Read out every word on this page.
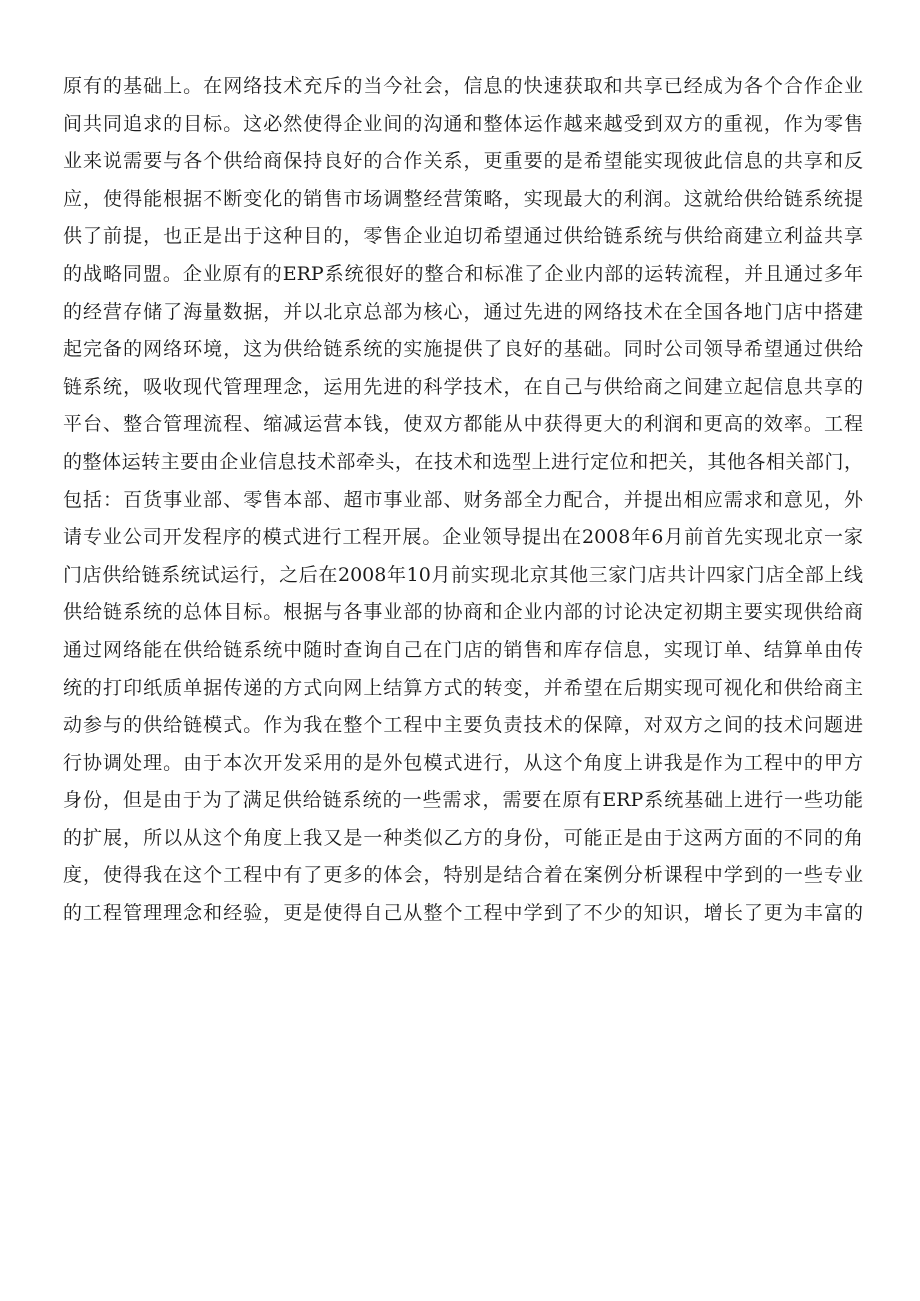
原有的基础上。在网络技术充斥的当今社会，信息的快速获取和共享已经成为各个合作企业
间共同追求的目标。这必然使得企业间的沟通和整体运作越来越受到双方的重视，作为零售
业来说需要与各个供给商保持良好的合作关系，更重要的是希望能实现彼此信息的共享和反
应，使得能根据不断变化的销售市场调整经营策略，实现最大的利润。这就给供给链系统提
供了前提，也正是出于这种目的，零售企业迫切希望通过供给链系统与供给商建立利益共享
的战略同盟。企业原有的ERP系统很好的整合和标准了企业内部的运转流程，并且通过多年
的经营存储了海量数据，并以北京总部为核心，通过先进的网络技术在全国各地门店中搭建
起完备的网络环境，这为供给链系统的实施提供了良好的基础。同时公司领导希望通过供给
链系统，吸收现代管理理念，运用先进的科学技术，在自己与供给商之间建立起信息共享的
平台、整合管理流程、缩减运营本钱，使双方都能从中获得更大的利润和更高的效率。工程
的整体运转主要由企业信息技术部牵头，在技术和选型上进行定位和把关，其他各相关部门，
包括：百货事业部、零售本部、超市事业部、财务部全力配合，并提出相应需求和意见，外
请专业公司开发程序的模式进行工程开展。企业领导提出在2008年6月前首先实现北京一家
门店供给链系统试运行，之后在2008年10月前实现北京其他三家门店共计四家门店全部上线
供给链系统的总体目标。根据与各事业部的协商和企业内部的讨论决定初期主要实现供给商
通过网络能在供给链系统中随时查询自己在门店的销售和库存信息，实现订单、结算单由传
统的打印纸质单据传递的方式向网上结算方式的转变，并希望在后期实现可视化和供给商主
动参与的供给链模式。作为我在整个工程中主要负责技术的保障，对双方之间的技术问题进
行协调处理。由于本次开发采用的是外包模式进行，从这个角度上讲我是作为工程中的甲方
身份，但是由于为了满足供给链系统的一些需求，需要在原有ERP系统基础上进行一些功能
的扩展，所以从这个角度上我又是一种类似乙方的身份，可能正是由于这两方面的不同的角
度，使得我在这个工程中有了更多的体会，特别是结合着在案例分析课程中学到的一些专业
的工程管理理念和经验，更是使得自己从整个工程中学到了不少的知识，增长了更为丰富的
